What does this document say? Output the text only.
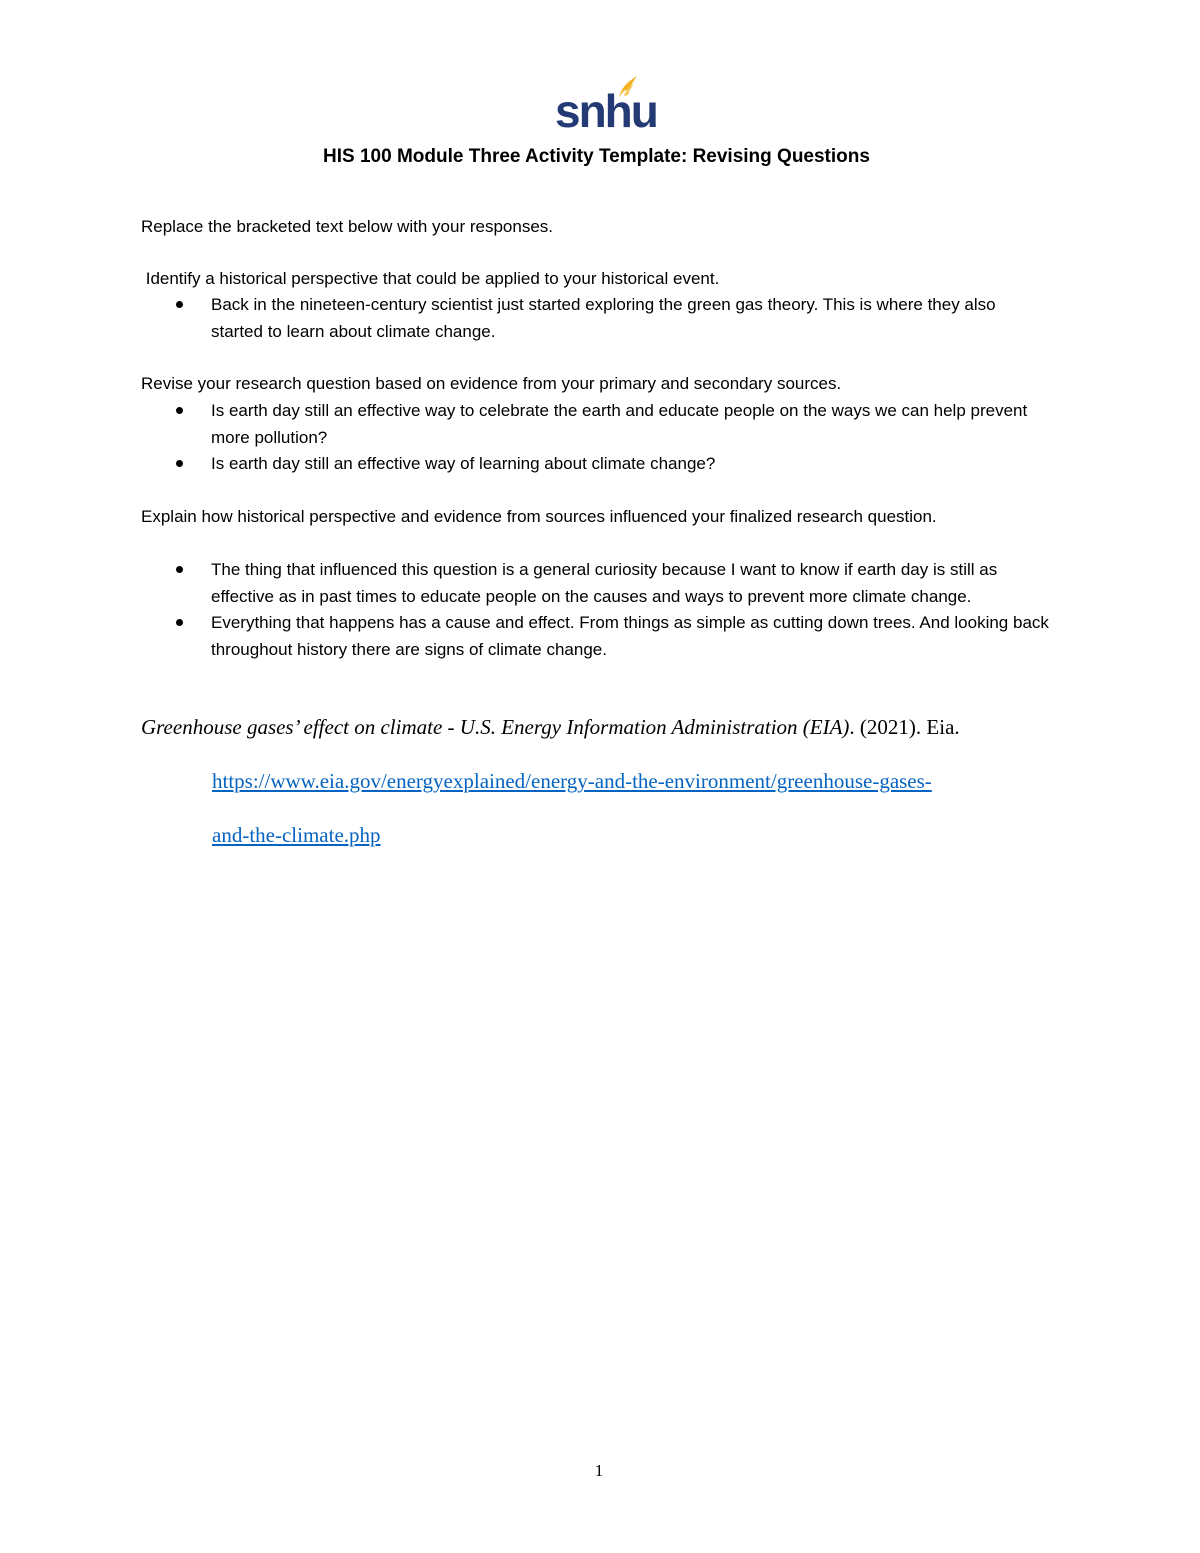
snhu
HIS 100 Module Three Activity Template: Revising Questions
Replace the bracketed text below with your responses.
Identify a historical perspective that could be applied to your historical event.
Back in the nineteen-century scientist just started exploring the green gas theory. This is where they also started to learn about climate change.
Revise your research question based on evidence from your primary and secondary sources.
Is earth day still an effective way to celebrate the earth and educate people on the ways we can help prevent more pollution?
Is earth day still an effective way of learning about climate change?
Explain how historical perspective and evidence from sources influenced your finalized research question.
The thing that influenced this question is a general curiosity because I want to know if earth day is still as effective as in past times to educate people on the causes and ways to prevent more climate change.
Everything that happens has a cause and effect. From things as simple as cutting down trees. And looking back throughout history there are signs of climate change.
Greenhouse gases’ effect on climate - U.S. Energy Information Administration (EIA). (2021). Eia.
https://www.eia.gov/energyexplained/energy-and-the-environment/greenhouse-gases-
and-the-climate.php
1
